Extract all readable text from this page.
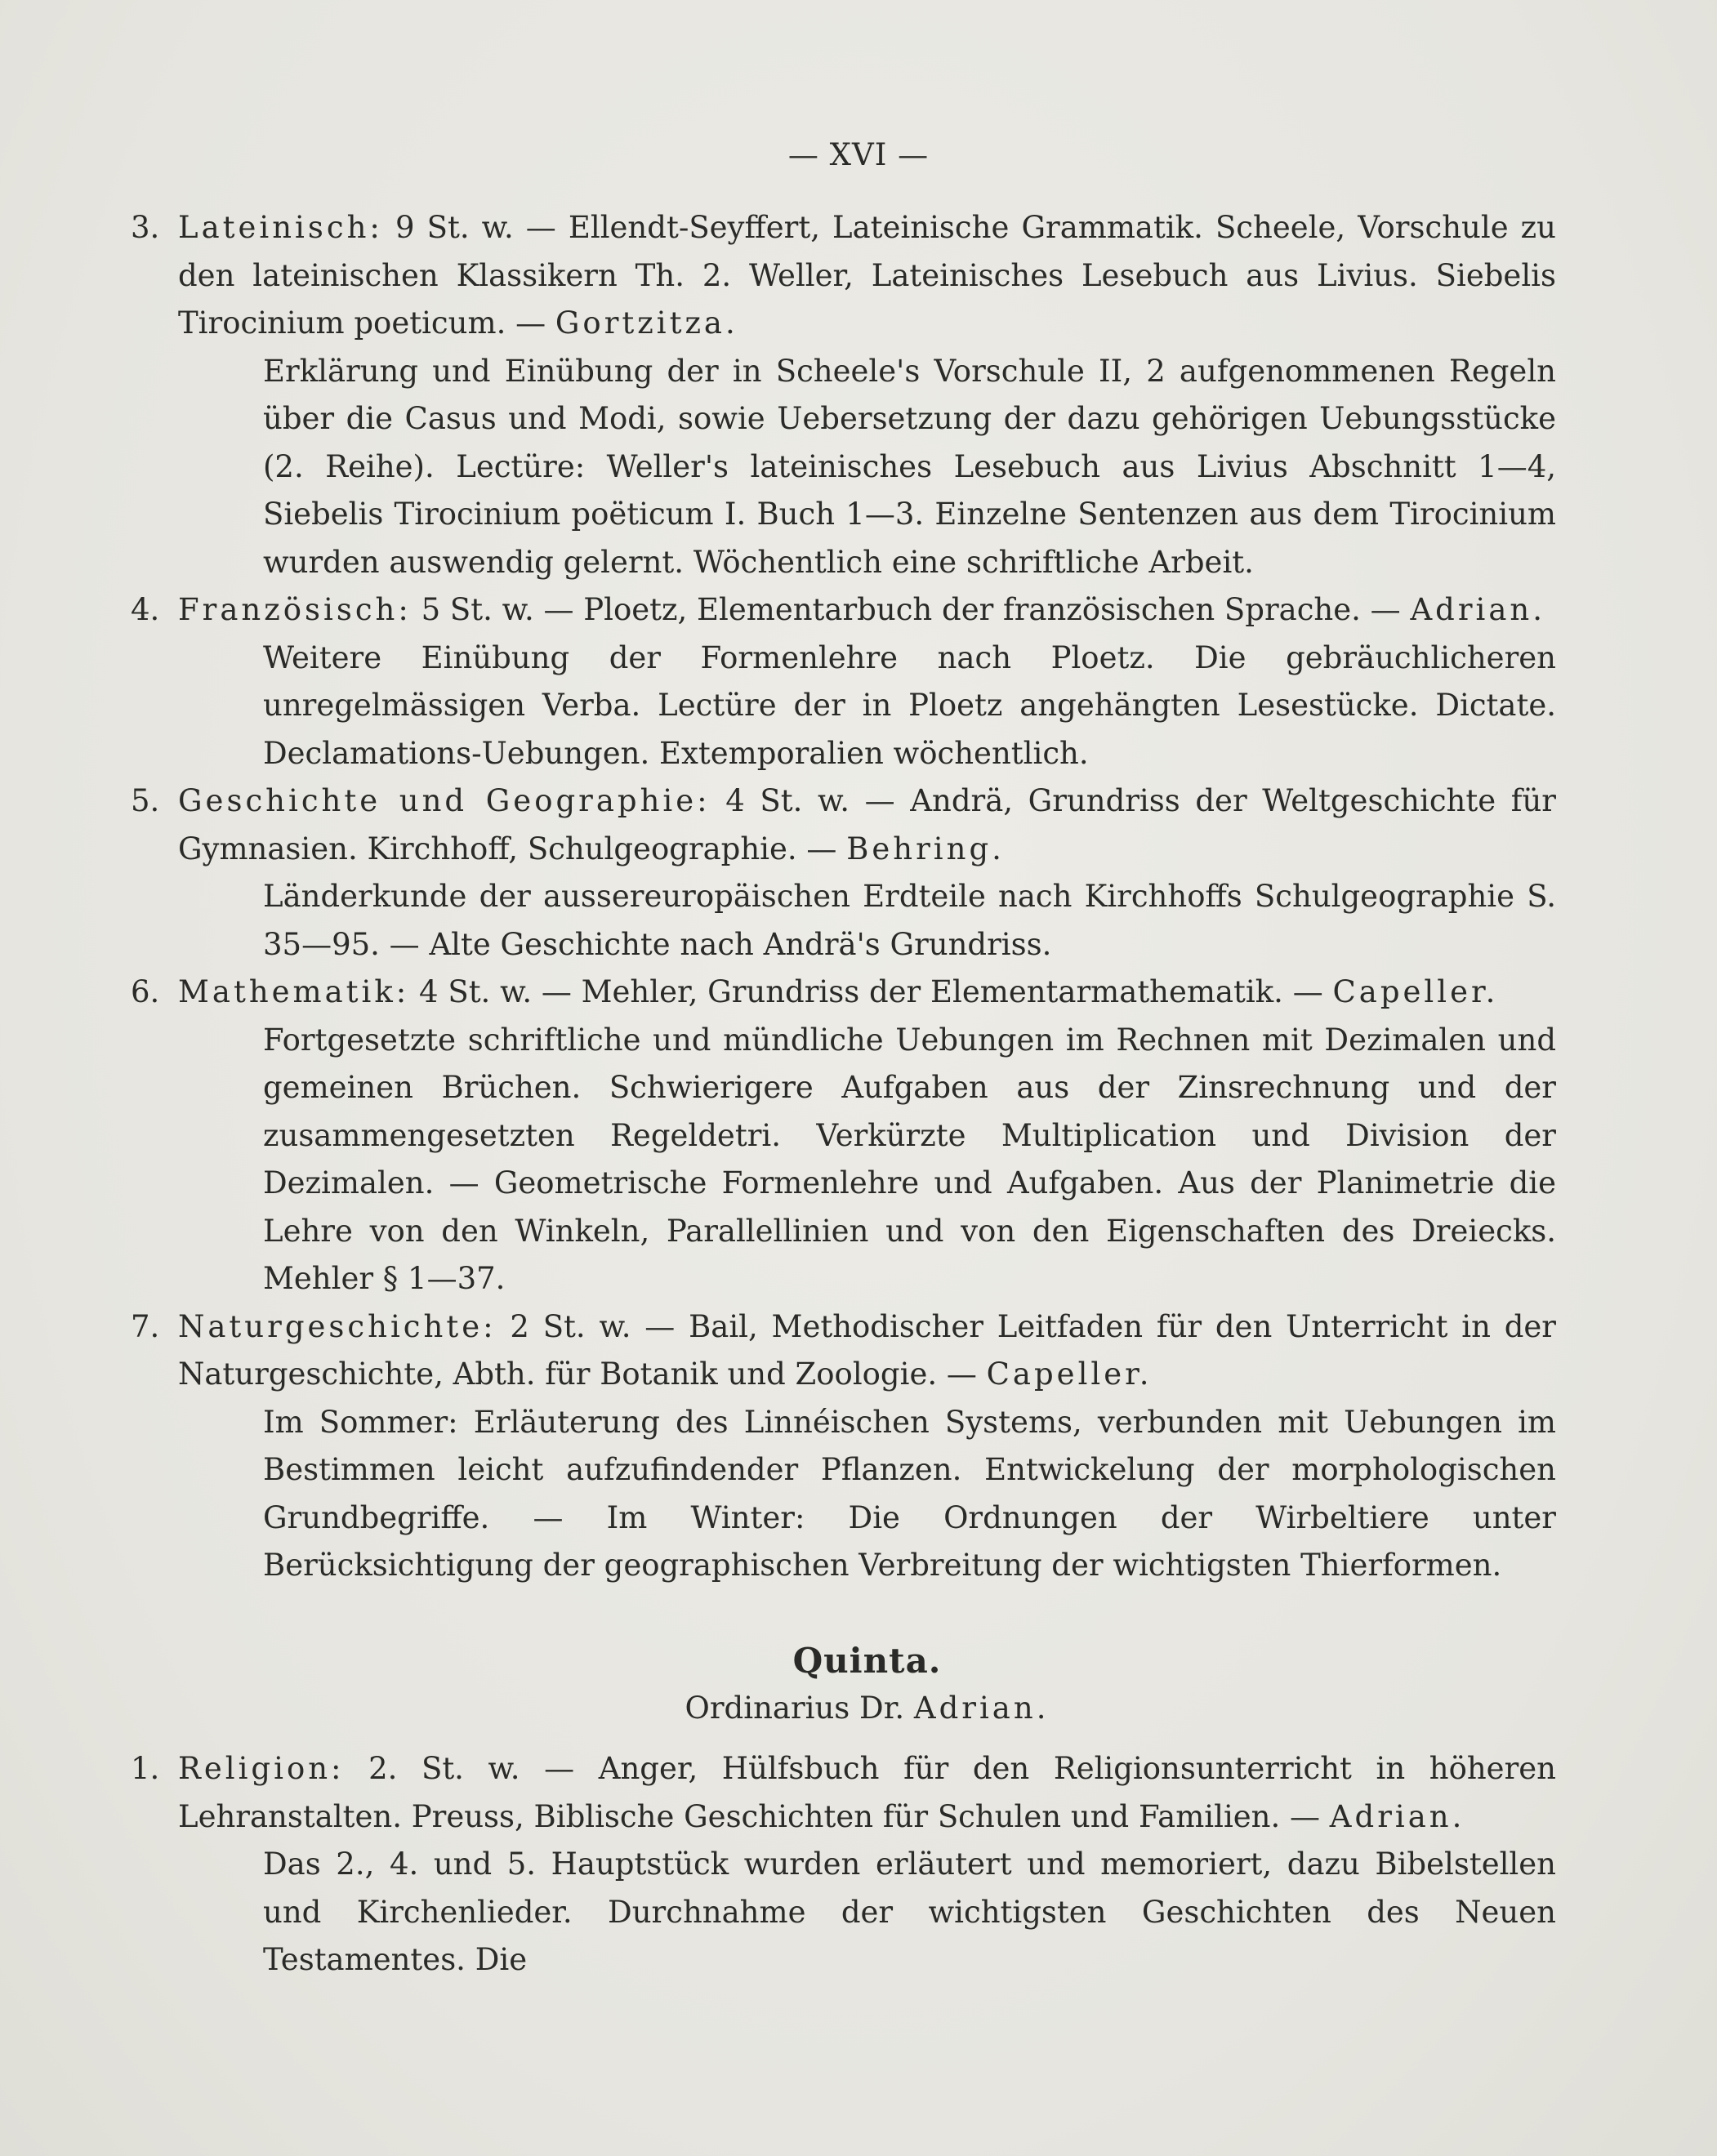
— XVI —

3. Lateinisch: 9 St. w. — Ellendt-Seyffert, Lateinische Grammatik. Scheele, Vorschule zu den lateinischen Klassikern Th. 2. Weller, Lateinisches Lesebuch aus Livius. Siebelis Tirocinium poeticum. — Gortzitza.

Erklärung und Einübung der in Scheele's Vorschule II, 2 aufgenommenen Regeln über die Casus und Modi, sowie Uebersetzung der dazu gehörigen Uebungsstücke (2. Reihe). Lectüre: Weller's lateinisches Lesebuch aus Livius Abschnitt 1—4, Siebelis Tirocinium poëticum I. Buch 1—3. Einzelne Sentenzen aus dem Tirocinium wurden auswendig gelernt. Wöchentlich eine schriftliche Arbeit.

4. Französisch: 5 St. w. — Ploetz, Elementarbuch der französischen Sprache. — Adrian.

Weitere Einübung der Formenlehre nach Ploetz. Die gebräuchlicheren unregelmässigen Verba. Lectüre der in Ploetz angehängten Lesestücke. Dictate. Declamations-Uebungen. Extemporalien wöchentlich.

5. Geschichte und Geographie: 4 St. w. — Andrä, Grundriss der Weltgeschichte für Gymnasien. Kirchhoff, Schulgeographie. — Behring.

Länderkunde der aussereuropäischen Erdteile nach Kirchhoffs Schulgeographie S. 35—95. — Alte Geschichte nach Andrä's Grundriss.

6. Mathematik: 4 St. w. — Mehler, Grundriss der Elementarmathematik. — Capeller.

Fortgesetzte schriftliche und mündliche Uebungen im Rechnen mit Dezimalen und gemeinen Brüchen. Schwierigere Aufgaben aus der Zinsrechnung und der zusammengesetzten Regeldetri. Verkürzte Multiplication und Division der Dezimalen. — Geometrische Formenlehre und Aufgaben. Aus der Planimetrie die Lehre von den Winkeln, Parallellinien und von den Eigenschaften des Dreiecks. Mehler § 1—37.

7. Naturgeschichte: 2 St. w. — Bail, Methodischer Leitfaden für den Unterricht in der Naturgeschichte, Abth. für Botanik und Zoologie. — Capeller.

Im Sommer: Erläuterung des Linnéischen Systems, verbunden mit Uebungen im Bestimmen leicht aufzufindender Pflanzen. Entwickelung der morphologischen Grundbegriffe. — Im Winter: Die Ordnungen der Wirbeltiere unter Berücksichtigung der geographischen Verbreitung der wichtigsten Thierformen.

Quinta.
Ordinarius Dr. Adrian.

1. Religion: 2. St. w. — Anger, Hülfsbuch für den Religionsunterricht in höheren Lehranstalten. Preuss, Biblische Geschichten für Schulen und Familien. — Adrian.

Das 2., 4. und 5. Hauptstück wurden erläutert und memoriert, dazu Bibelstellen und Kirchenlieder. Durchnahme der wichtigsten Geschichten des Neuen Testamentes. Die
